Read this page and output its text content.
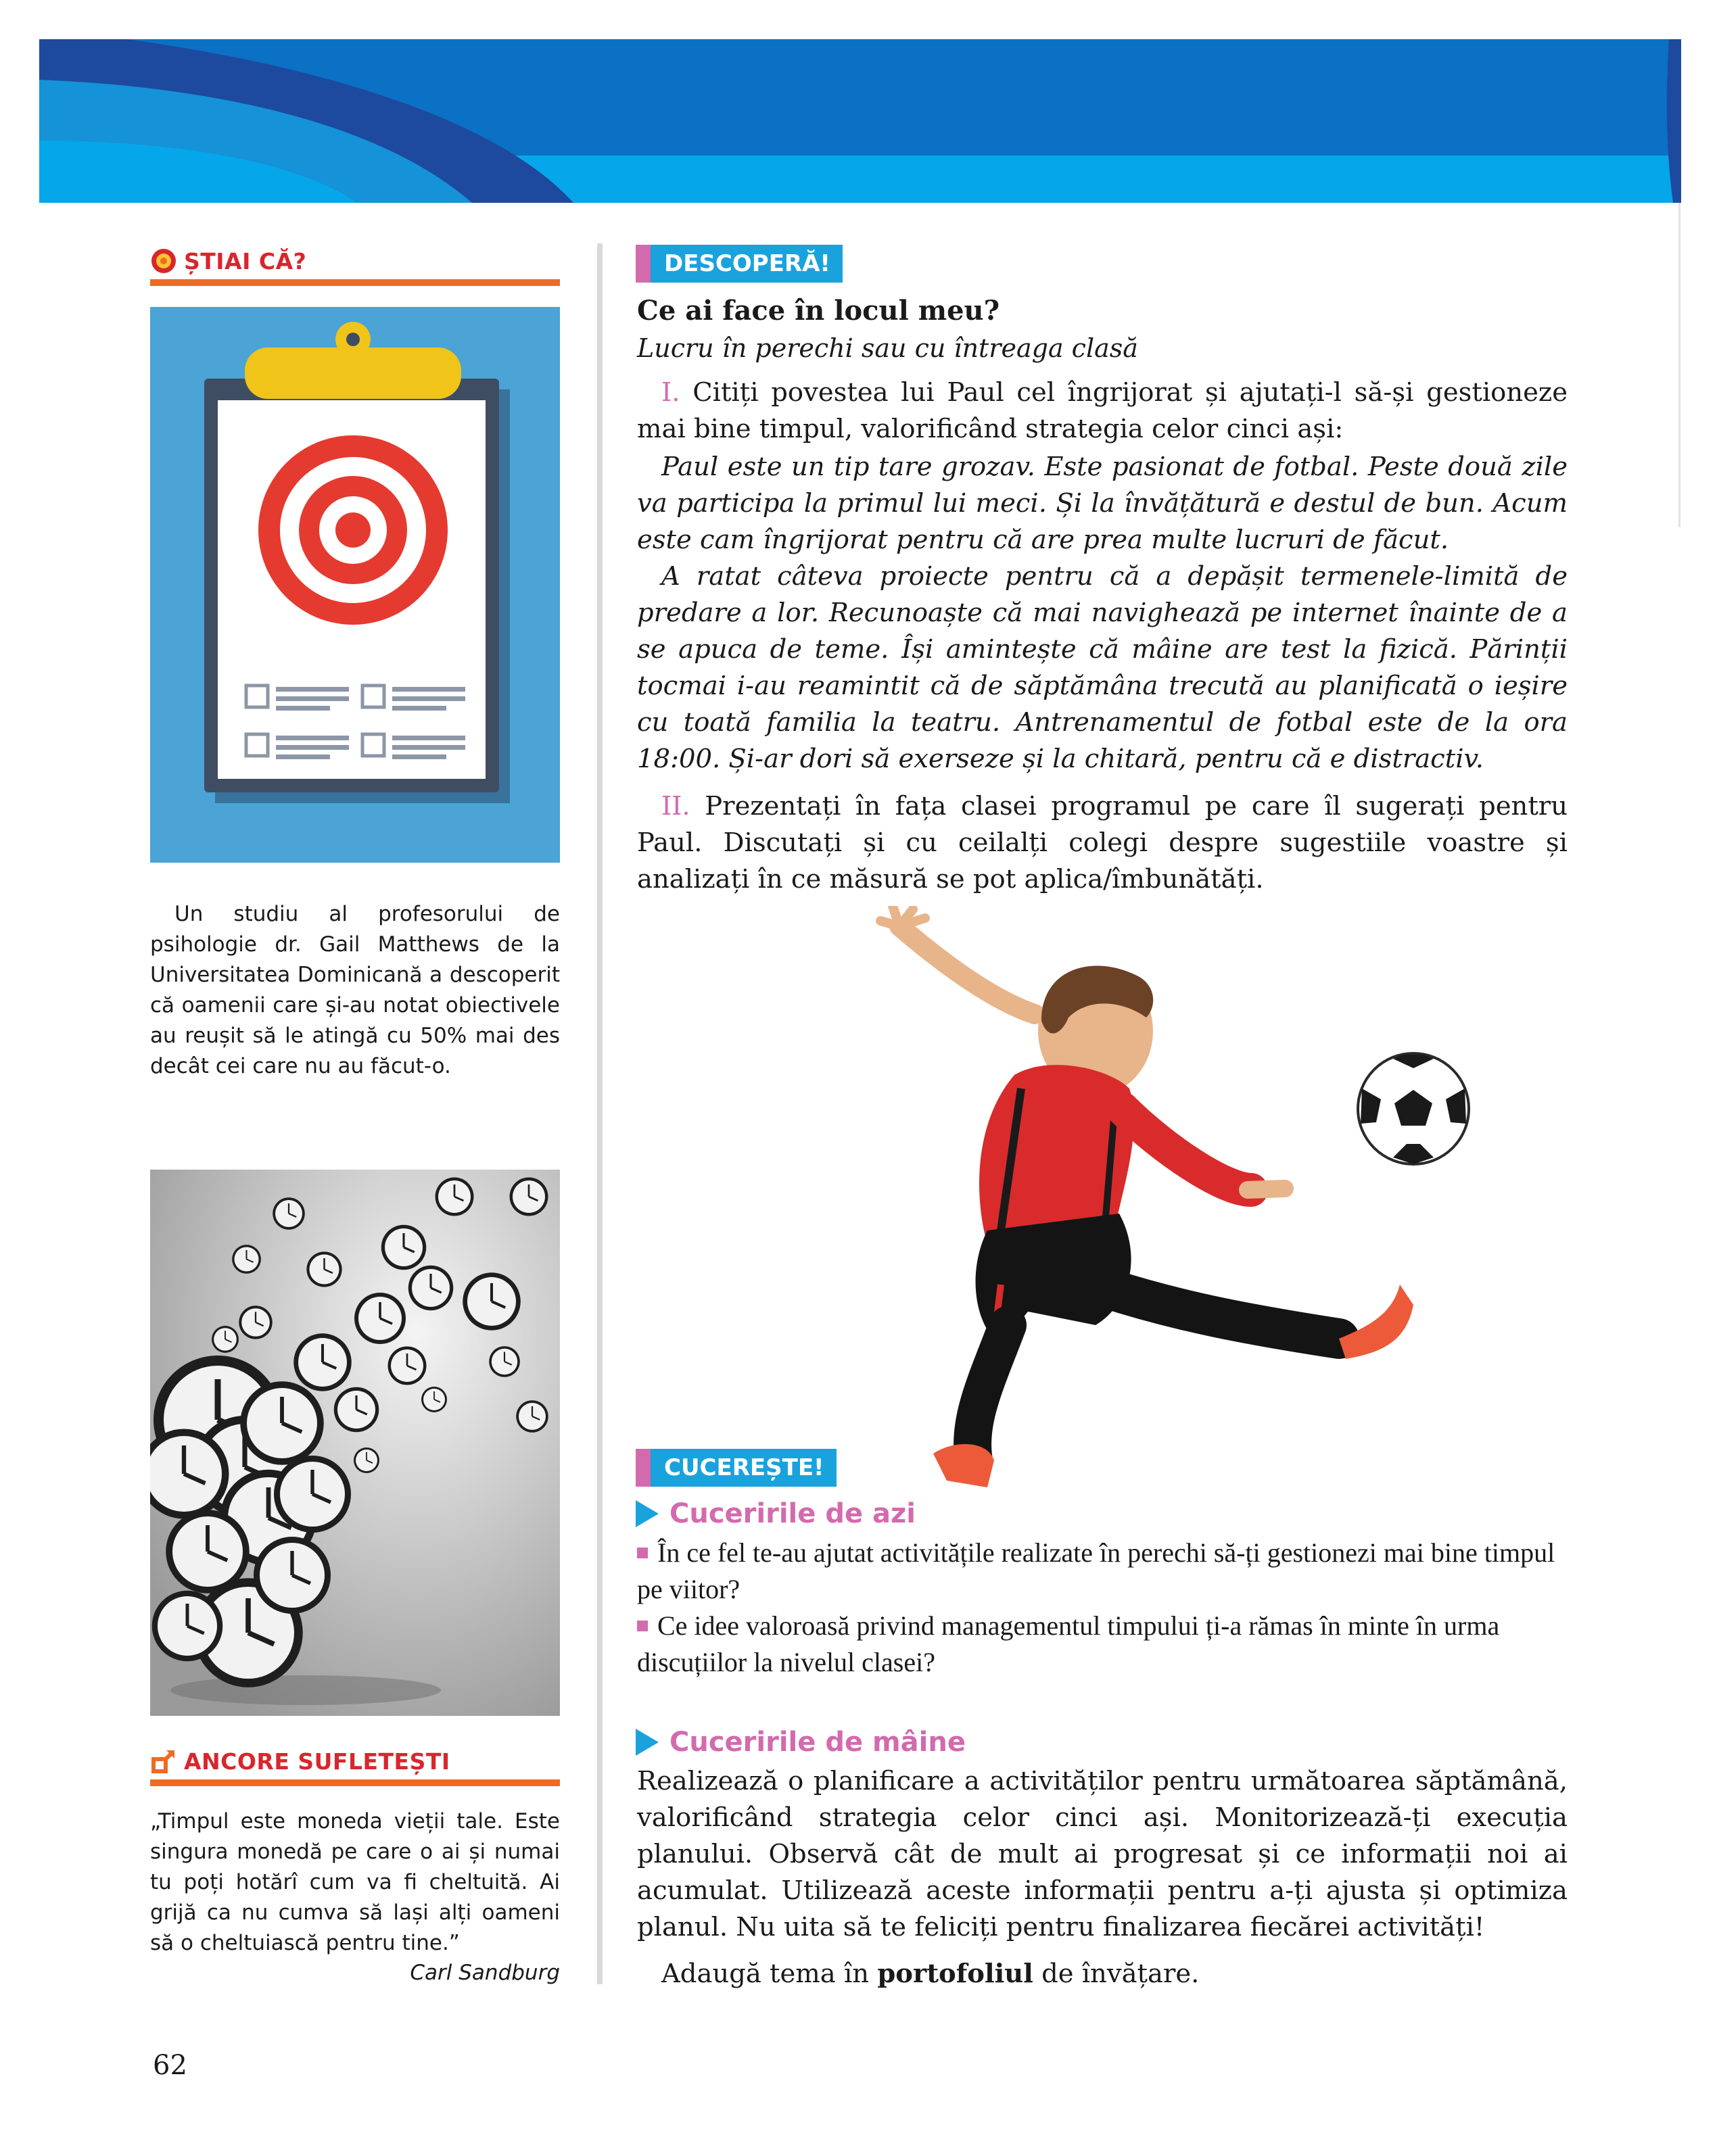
ȘTIAI CĂ?
Un studiu al profesorului de psihologie dr. Gail Matthews de la Universitatea Dominicană a descoperit că oamenii care și-au notat obiectivele au reușit să le atingă cu 50% mai des decât cei care nu au făcut-o.
ANCORE SUFLETEȘTI
„Timpul este moneda vieții tale. Este singura monedă pe care o ai și numai tu poți hotărî cum va fi cheltuită. Ai grijă ca nu cumva să lași alți oameni să o cheltuiască pentru tine.”
Carl Sandburg
DESCOPERĂ!
Ce ai face în locul meu?
Lucru în perechi sau cu întreaga clasă
I. Citiți povestea lui Paul cel îngrijorat și ajutați-l să-și gestioneze mai bine timpul, valorificând strategia celor cinci ași:
Paul este un tip tare grozav. Este pasionat de fotbal. Peste două zile va participa la primul lui meci. Și la învățătură e destul de bun. Acum este cam îngrijorat pentru că are prea multe lucruri de făcut.
A ratat câteva proiecte pentru că a depășit termenele-limită de predare a lor. Recunoaște că mai navighează pe internet înainte de a se apuca de teme. Își amintește că mâine are test la fizică. Părinții tocmai i-au reamintit că de săptămâna trecută au planificată o ieșire cu toată familia la teatru. Antrenamentul de fotbal este de la ora 18:00. Și-ar dori să exerseze și la chitară, pentru că e distractiv.
II. Prezentați în fața clasei programul pe care îl sugerați pentru Paul. Discutați și cu ceilalți colegi despre sugestiile voastre și analizați în ce măsură se pot aplica/îmbunătăți.
CUCEREȘTE!
Cuceririle de azi
În ce fel te-au ajutat activitățile realizate în perechi să-ți gestionezi mai bine timpul pe viitor?
Ce idee valoroasă privind managementul timpului ți-a rămas în minte în urma discuțiilor la nivelul clasei?
Cuceririle de mâine
Realizează o planificare a activităților pentru următoarea săptămână, valorificând strategia celor cinci ași. Monitorizează-ți execuția planului. Observă cât de mult ai progresat și ce informații noi ai acumulat. Utilizează aceste informații pentru a-ți ajusta și optimiza planul. Nu uita să te feliciți pentru finalizarea fiecărei activități!
Adaugă tema în portofoliul de învățare.
62
